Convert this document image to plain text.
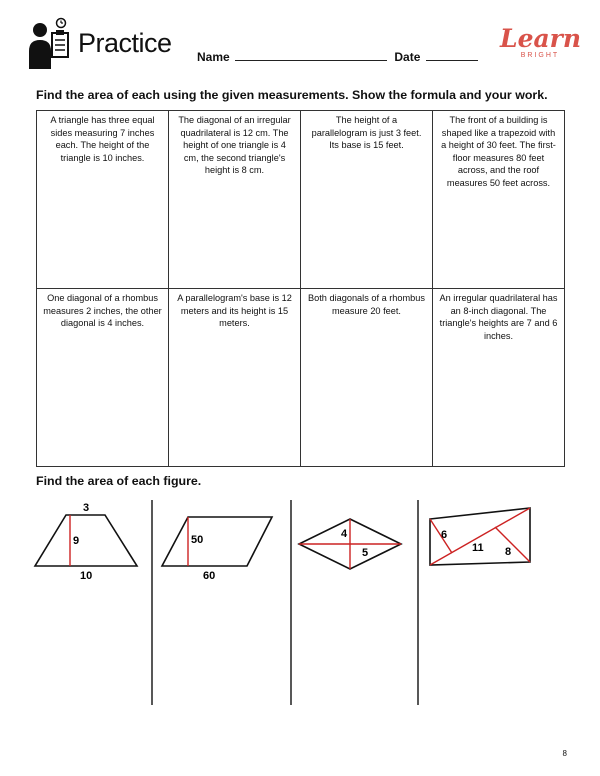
Practice Name	Date
Learn
BRIGHT
Find the area of each using the given measurements. Show the formula and your work.
A triangle has three equal sides measuring 7 inches each. The height of the triangle is 10 inches.	The diagonal of an irregular quadrilateral is 12 cm. The height of one triangle is 4 cm, the second triangle's height is 8 cm.	The height of a parallelogram is just 3 feet. Its base is 15 feet.	The front of a building is shaped like a trapezoid with a height of 30 feet. The first-floor measures 80 feet across, and the roof measures 50 feet across.
One diagonal of a rhombus measures 2 inches, the other diagonal is 4 inches.	A parallelogram's base is 12 meters and its height is 15 meters.	Both diagonals of a rhombus measure 20 feet.	An irregular quadrilateral has an 8-inch diagonal. The triangle's heights are 7 and 6 inches.
Find the area of each figure.
3
9
10
50
60
4
5
6
11 8
8
